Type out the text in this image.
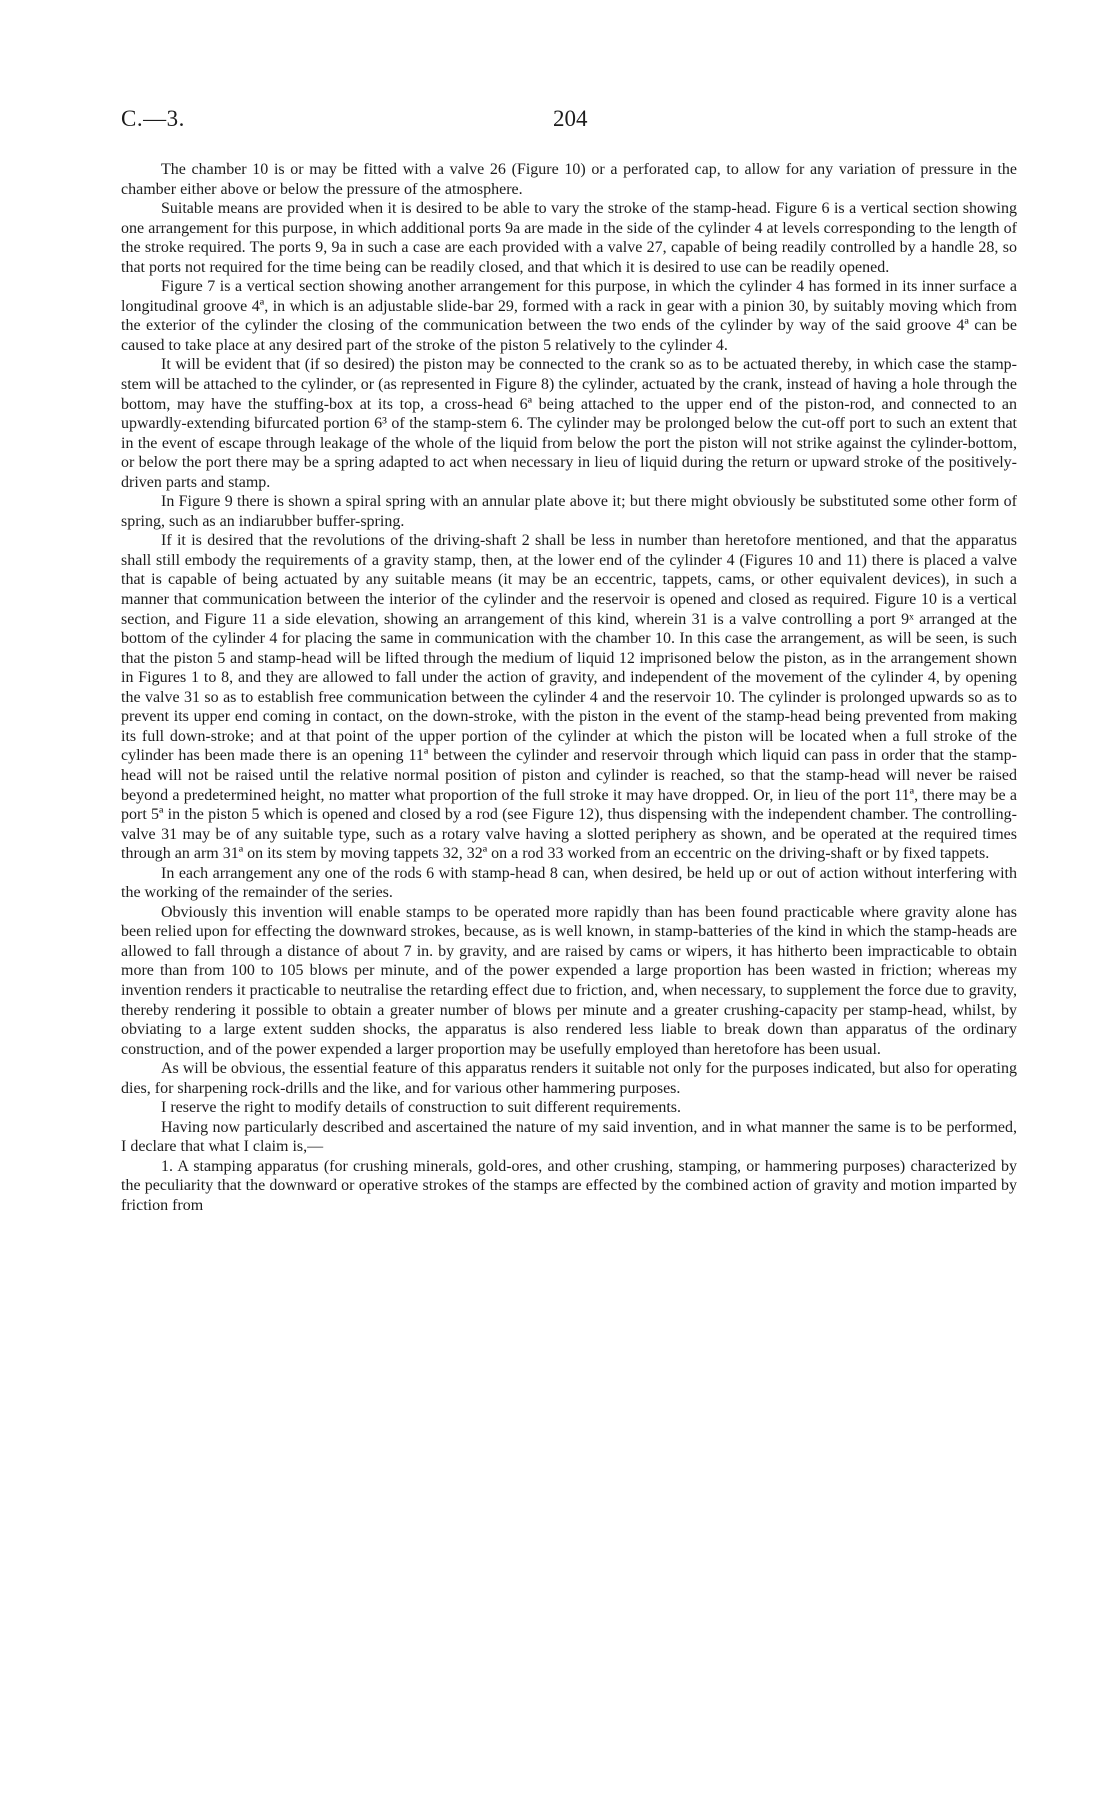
C.—3.	204

The chamber 10 is or may be fitted with a valve 26 (Figure 10) or a perforated cap, to allow for any variation of pressure in the chamber either above or below the pressure of the atmosphere.

Suitable means are provided when it is desired to be able to vary the stroke of the stamp-head. Figure 6 is a vertical section showing one arrangement for this purpose, in which additional ports 9a are made in the side of the cylinder 4 at levels corresponding to the length of the stroke required. The ports 9, 9a in such a case are each provided with a valve 27, capable of being readily controlled by a handle 28, so that ports not required for the time being can be readily closed, and that which it is desired to use can be readily opened.

Figure 7 is a vertical section showing another arrangement for this purpose, in which the cylinder 4 has formed in its inner surface a longitudinal groove 4ª, in which is an adjustable slide-bar 29, formed with a rack in gear with a pinion 30, by suitably moving which from the exterior of the cylinder the closing of the communication between the two ends of the cylinder by way of the said groove 4ª can be caused to take place at any desired part of the stroke of the piston 5 relatively to the cylinder 4.

It will be evident that (if so desired) the piston may be connected to the crank so as to be actuated thereby, in which case the stamp-stem will be attached to the cylinder, or (as represented in Figure 8) the cylinder, actuated by the crank, instead of having a hole through the bottom, may have the stuffing-box at its top, a cross-head 6ª being attached to the upper end of the piston-rod, and connected to an upwardly-extending bifurcated portion 6³ of the stamp-stem 6. The cylinder may be prolonged below the cut-off port to such an extent that in the event of escape through leakage of the whole of the liquid from below the port the piston will not strike against the cylinder-bottom, or below the port there may be a spring adapted to act when necessary in lieu of liquid during the return or upward stroke of the positively-driven parts and stamp.

In Figure 9 there is shown a spiral spring with an annular plate above it; but there might obviously be substituted some other form of spring, such as an indiarubber buffer-spring.

If it is desired that the revolutions of the driving-shaft 2 shall be less in number than heretofore mentioned, and that the apparatus shall still embody the requirements of a gravity stamp, then, at the lower end of the cylinder 4 (Figures 10 and 11) there is placed a valve that is capable of being actuated by any suitable means (it may be an eccentric, tappets, cams, or other equivalent devices), in such a manner that communication between the interior of the cylinder and the reservoir is opened and closed as required. Figure 10 is a vertical section, and Figure 11 a side elevation, showing an arrangement of this kind, wherein 31 is a valve controlling a port 9ˣ arranged at the bottom of the cylinder 4 for placing the same in communication with the chamber 10. In this case the arrangement, as will be seen, is such that the piston 5 and stamp-head will be lifted through the medium of liquid 12 imprisoned below the piston, as in the arrangement shown in Figures 1 to 8, and they are allowed to fall under the action of gravity, and independent of the movement of the cylinder 4, by opening the valve 31 so as to establish free communication between the cylinder 4 and the reservoir 10. The cylinder is prolonged upwards so as to prevent its upper end coming in contact, on the down-stroke, with the piston in the event of the stamp-head being prevented from making its full down-stroke; and at that point of the upper portion of the cylinder at which the piston will be located when a full stroke of the cylinder has been made there is an opening 11ª between the cylinder and reservoir through which liquid can pass in order that the stamp-head will not be raised until the relative normal position of piston and cylinder is reached, so that the stamp-head will never be raised beyond a predetermined height, no matter what proportion of the full stroke it may have dropped. Or, in lieu of the port 11ª, there may be a port 5ª in the piston 5 which is opened and closed by a rod (see Figure 12), thus dispensing with the independent chamber. The controlling-valve 31 may be of any suitable type, such as a rotary valve having a slotted periphery as shown, and be operated at the required times through an arm 31ª on its stem by moving tappets 32, 32ª on a rod 33 worked from an eccentric on the driving-shaft or by fixed tappets.

In each arrangement any one of the rods 6 with stamp-head 8 can, when desired, be held up or out of action without interfering with the working of the remainder of the series.

Obviously this invention will enable stamps to be operated more rapidly than has been found practicable where gravity alone has been relied upon for effecting the downward strokes, because, as is well known, in stamp-batteries of the kind in which the stamp-heads are allowed to fall through a distance of about 7 in. by gravity, and are raised by cams or wipers, it has hitherto been impracticable to obtain more than from 100 to 105 blows per minute, and of the power expended a large proportion has been wasted in friction; whereas my invention renders it practicable to neutralise the retarding effect due to friction, and, when necessary, to supplement the force due to gravity, thereby rendering it possible to obtain a greater number of blows per minute and a greater crushing-capacity per stamp-head, whilst, by obviating to a large extent sudden shocks, the apparatus is also rendered less liable to break down than apparatus of the ordinary construction, and of the power expended a larger proportion may be usefully employed than heretofore has been usual.

As will be obvious, the essential feature of this apparatus renders it suitable not only for the purposes indicated, but also for operating dies, for sharpening rock-drills and the like, and for various other hammering purposes.

I reserve the right to modify details of construction to suit different requirements.

Having now particularly described and ascertained the nature of my said invention, and in what manner the same is to be performed, I declare that what I claim is,—

1. A stamping apparatus (for crushing minerals, gold-ores, and other crushing, stamping, or hammering purposes) characterized by the peculiarity that the downward or operative strokes of the stamps are effected by the combined action of gravity and motion imparted by friction from
